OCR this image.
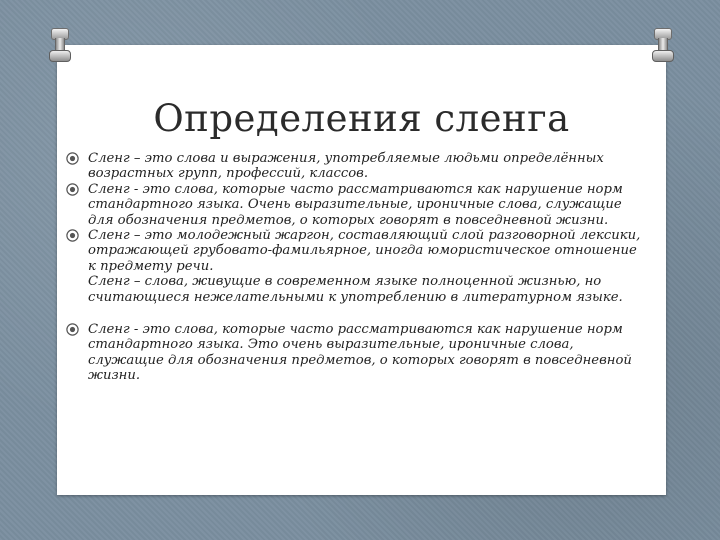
Определения сленга
Сленг – это слова и выражения, употребляемые людьми определённых возрастных групп, профессий, классов.
Сленг - это слова, которые часто рассматриваются как нарушение норм стандартного языка. Очень выразительные, ироничные слова, служащие для обозначения предметов, о которых говорят в повседневной жизни.
Сленг – это молодежный жаргон, составляющий слой разговорной лексики, отражающей грубовато-фамильярное, иногда юмористическое отношение к предмету речи.
Сленг – слова, живущие в современном языке полноценной жизнью, но считающиеся нежелательными к употреблению в литературном языке.
Сленг - это слова, которые часто рассматриваются как нарушение норм стандартного языка. Это очень выразительные, ироничные слова, служащие для обозначения предметов, о которых говорят в повседневной жизни.
